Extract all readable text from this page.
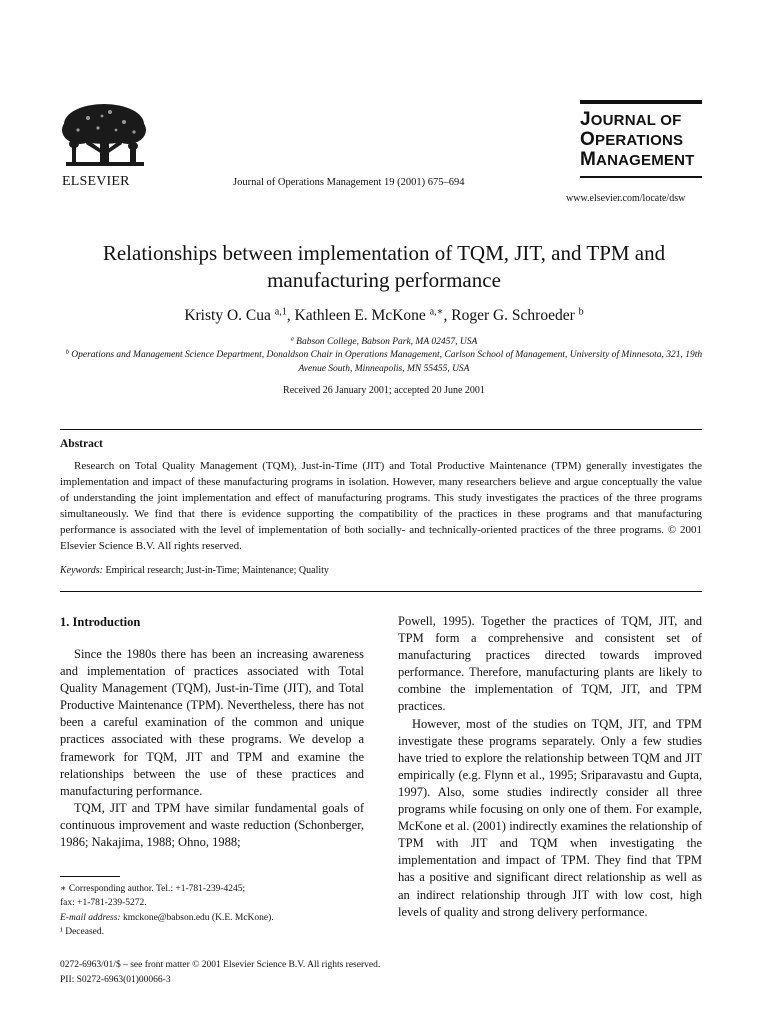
ELSEVIER	Journal of Operations Management 19 (2001) 675–694
JOURNAL OF
OPERATIONS
MANAGEMENT
www.elsevier.com/locate/dsw
Relationships between implementation of TQM, JIT, and TPM and manufacturing performance
Kristy O. Cua $^{a,1}$, Kathleen E. McKone $^{a,∗}$, Roger G. Schroeder $^b$
$^a$ Babson College, Babson Park, MA 02457, USA
$^b$ Operations and Management Science Department, Donaldson Chair in Operations Management, Carlson School of Management, University of Minnesota, 321, 19th Avenue South, Minneapolis, MN 55455, USA
Received 26 January 2001; accepted 20 June 2001
Abstract
Research on Total Quality Management (TQM), Just-in-Time (JIT) and Total Productive Maintenance (TPM) generally investigates the implementation and impact of these manufacturing programs in isolation. However, many researchers believe and argue conceptually the value of understanding the joint implementation and effect of manufacturing programs. This study investigates the practices of the three programs simultaneously. We find that there is evidence supporting the compatibility of the practices in these programs and that manufacturing performance is associated with the level of implementation of both socially- and technically-oriented practices of the three programs. © 2001 Elsevier Science B.V. All rights reserved.
Keywords: Empirical research; Just-in-Time; Maintenance; Quality
1. Introduction

Since the 1980s there has been an increasing awareness and implementation of practices associated with Total Quality Management (TQM), Just-in-Time (JIT), and Total Productive Maintenance (TPM). Nevertheless, there has not been a careful examination of the common and unique practices associated with these programs. We develop a framework for TQM, JIT and TPM and examine the relationships between the use of these practices and manufacturing performance.

TQM, JIT and TPM have similar fundamental goals of continuous improvement and waste reduction (Schonberger, 1986; Nakajima, 1988; Ohno, 1988;

Powell, 1995). Together the practices of TQM, JIT, and TPM form a comprehensive and consistent set of manufacturing practices directed towards improved performance. Therefore, manufacturing plants are likely to combine the implementation of TQM, JIT, and TPM practices.

However, most of the studies on TQM, JIT, and TPM investigate these programs separately. Only a few studies have tried to explore the relationship between TQM and JIT empirically (e.g. Flynn et al., 1995; Sriparavastu and Gupta, 1997). Also, some studies indirectly consider all three programs while focusing on only one of them. For example, McKone et al. (2001) indirectly examines the relationship of TPM with JIT and TQM when investigating the implementation and impact of TPM. They find that TPM has a positive and significant direct relationship as well as an indirect relationship through JIT with low cost, high levels of quality and strong delivery performance.

∗ Corresponding author. Tel.: +1-781-239-4245;
fax: +1-781-239-5272.
E-mail address: kmckone@babson.edu (K.E. McKone).
¹ Deceased.
0272-6963/01/$ – see front matter © 2001 Elsevier Science B.V. All rights reserved.
PII: S0272-6963(01)00066-3
